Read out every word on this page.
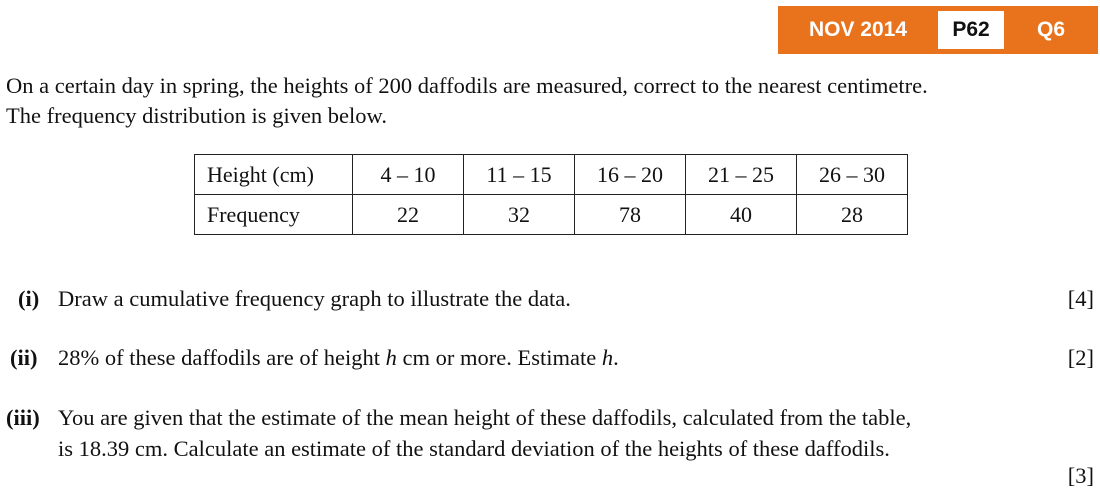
NOV 2014	P62	Q6
On a certain day in spring, the heights of 200 daffodils are measured, correct to the nearest centimetre.
The frequency distribution is given below.
Height (cm)	4 – 10	11 – 15	16 – 20	21 – 25	26 – 30
Frequency	22	32	78	40	28
(i) Draw a cumulative frequency graph to illustrate the data.	[4]
(ii) 28% of these daffodils are of height h cm or more. Estimate h.	[2]
(iii) You are given that the estimate of the mean height of these daffodils, calculated from the table,
is 18.39 cm. Calculate an estimate of the standard deviation of the heights of these daffodils.
[3]
